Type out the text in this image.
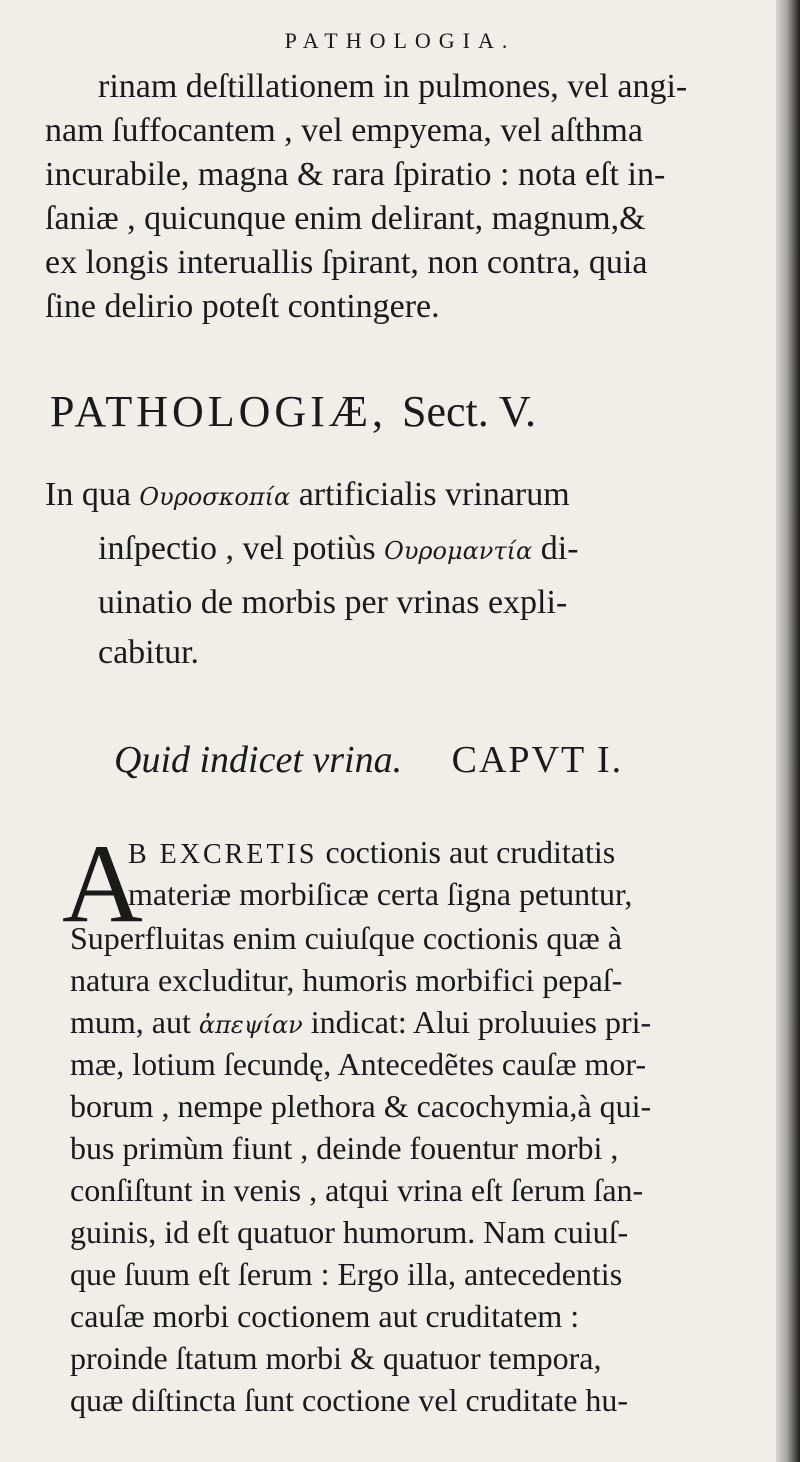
PATHOLOGIA.
rinam deſtillationem in pulmones, vel angi-
nam ſuffocantem , vel empyema, vel aſthma
incurabile, magna & rara ſpiratio : nota eſt in-
ſaniæ , quicunque enim delirant, magnum,&
ex longis interuallis ſpirant, non contra, quia
ſine delirio poteſt contingere.
PATHOLOGIÆ, Sect. V.
In qua Ουροσκοπία artificialis vrinarum
inſpectio , vel potiùs Ουρομαντία di-
uinatio de morbis per vrinas expli-
cabitur.
Quid indicet vrina. CAPVT I.
A
B EXCRETIS coctionis aut cruditatis
materiæ morbiſicæ certa ſigna petuntur,
Superfluitas enim cuiuſque coctionis quæ à
natura excluditur, humoris morbifici pepaſ-
mum, aut ἀπεψίαν indicat: Alui proluuies pri-
mæ, lotium ſecundę, Antecedẽtes cauſæ mor-
borum , nempe plethora & cacochymia,à qui-
bus primùm fiunt , deinde fouentur morbi ,
conſiſtunt in venis , atqui vrina eſt ſerum ſan-
guinis, id eſt quatuor humorum. Nam cuiuſ-
que ſuum eſt ſerum : Ergo illa, antecedentis
cauſæ morbi coctionem aut cruditatem :
proinde ſtatum morbi & quatuor tempora,
quæ diſtincta ſunt coctione vel cruditate hu-
